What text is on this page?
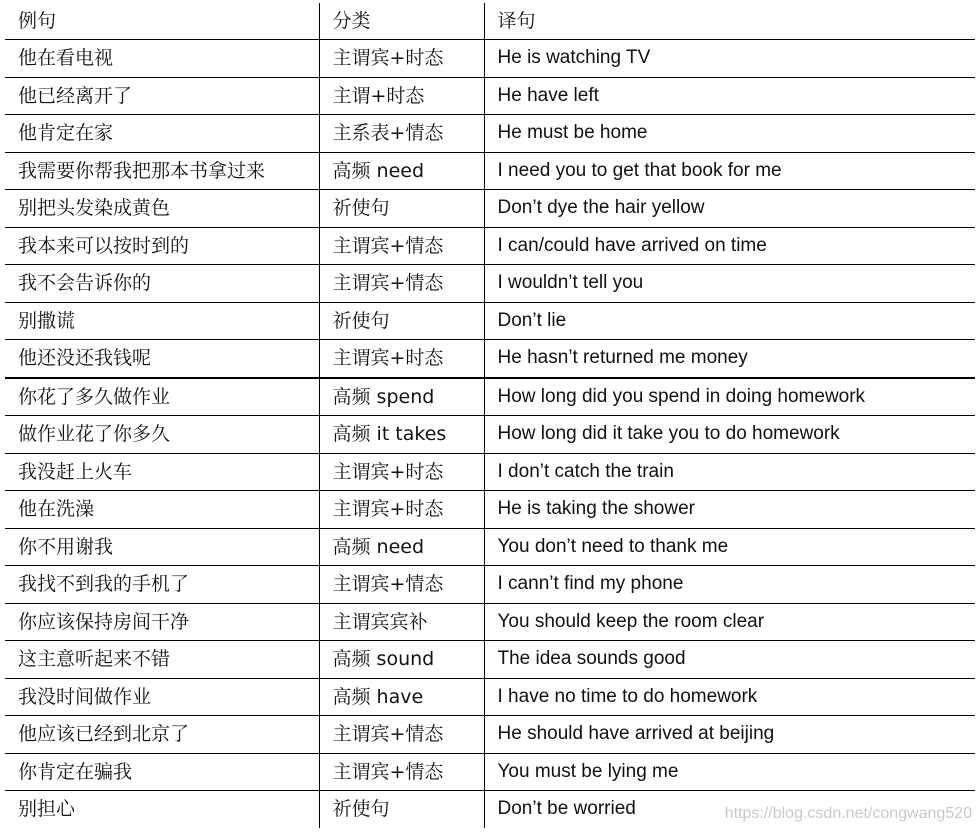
例句	分类	译句
他在看电视	主谓宾+时态	He is watching TV
他已经离开了	主谓+时态	He have left
他肯定在家	主系表+情态	He must be home
我需要你帮我把那本书拿过来	高频 need	I need you to get that book for me
别把头发染成黄色	祈使句	Don’t dye the hair yellow
我本来可以按时到的	主谓宾+情态	I can/could have arrived on time
我不会告诉你的	主谓宾+情态	I wouldn’t tell you
别撒谎	祈使句	Don’t lie
他还没还我钱呢	主谓宾+时态	He hasn’t returned me money
你花了多久做作业	高频 spend	How long did you spend in doing homework
做作业花了你多久	高频 it takes	How long did it take you to do homework
我没赶上火车	主谓宾+时态	I don’t catch the train
他在洗澡	主谓宾+时态	He is taking the shower
你不用谢我	高频 need	You don’t need to thank me
我找不到我的手机了	主谓宾+情态	I cann’t find my phone
你应该保持房间干净	主谓宾宾补	You should keep the room clear
这主意听起来不错	高频 sound	The idea sounds good
我没时间做作业	高频 have	I have no time to do homework
他应该已经到北京了	主谓宾+情态	He should have arrived at beijing
你肯定在骗我	主谓宾+情态	You must be lying me
别担心	祈使句	Don’t be worried	https://blog.csdn.net/congwang520
